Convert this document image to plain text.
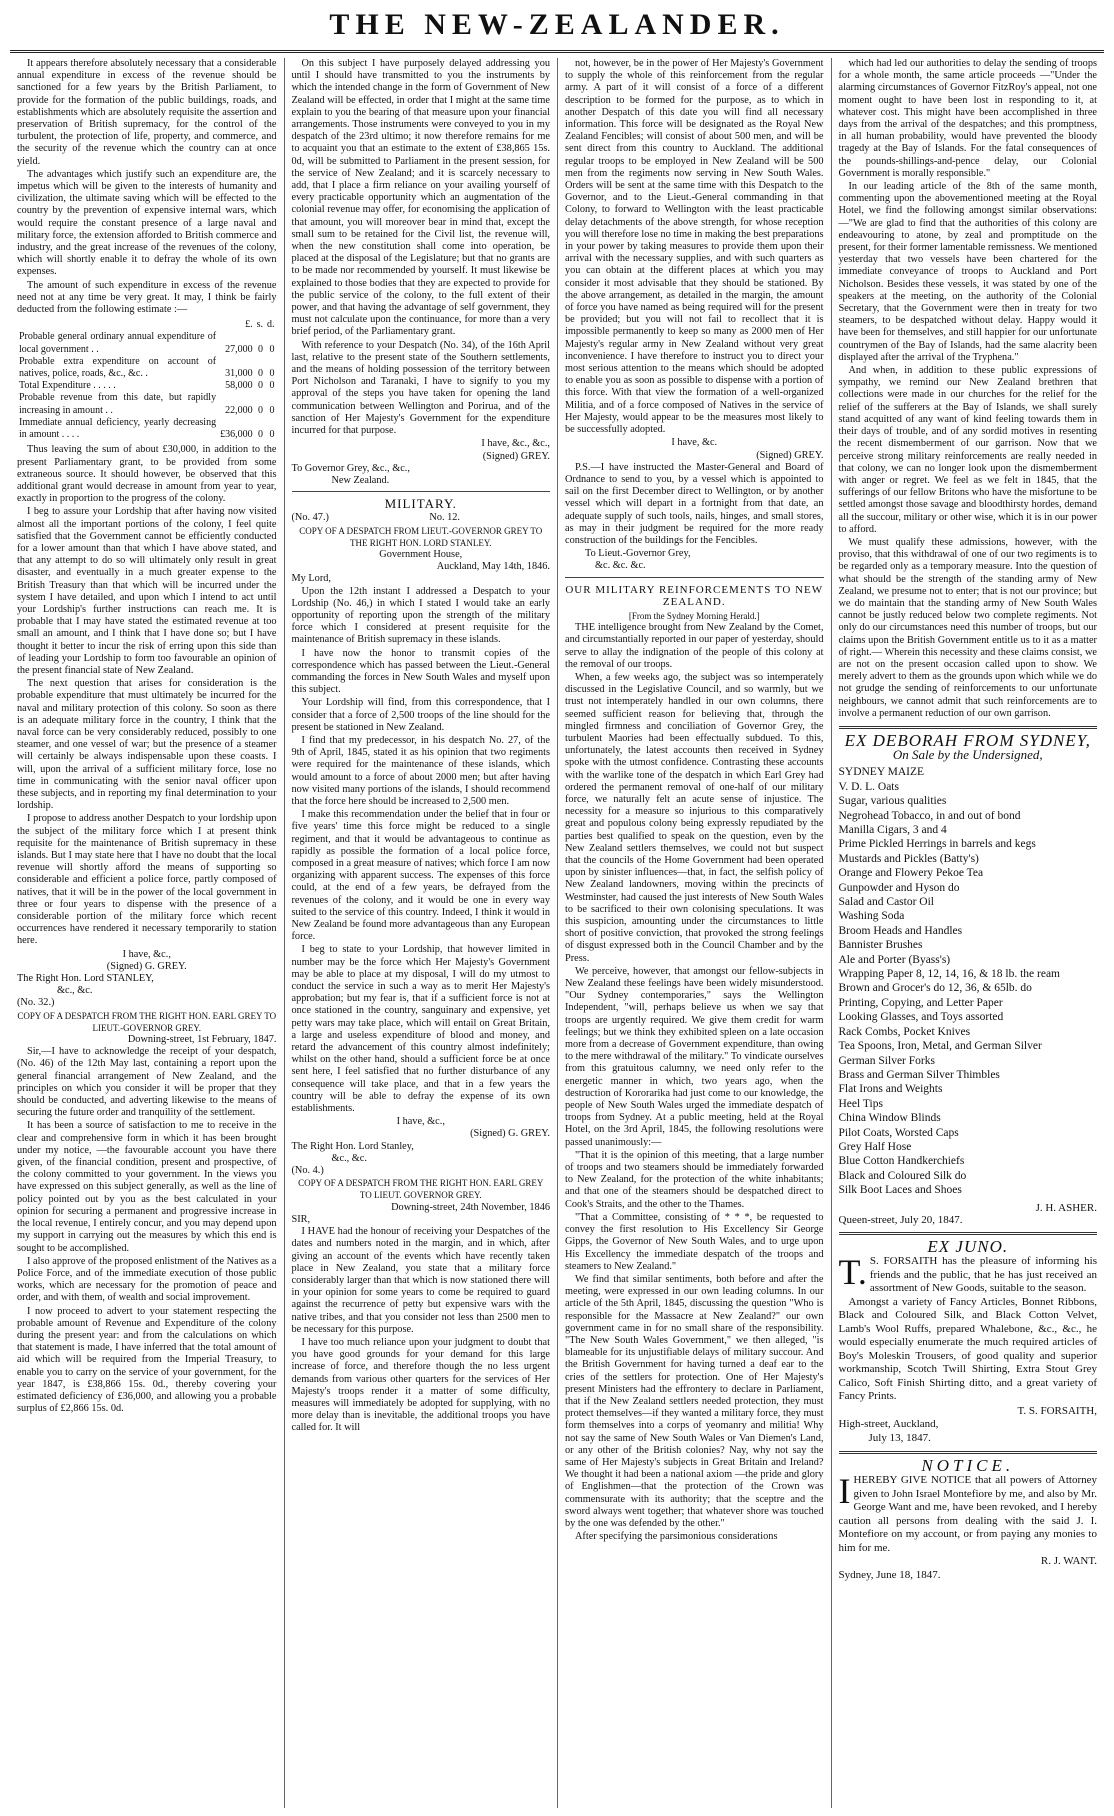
THE NEW-ZEALANDER.

It appears therefore absolutely necessary that a considerable annual expenditure in excess of the revenue should be sanctioned for a few years by the British Parliament, to provide for the formation of the public buildings, roads, and establishments which are absolutely requisite the assertion and preservation of British supremacy, for the control of the turbulent, the protection of life, property, and commerce, and the security of the revenue which the country can at once yield.

The advantages which justify such an expenditure are, the impetus which will be given to the interests of humanity and civilization, the ultimate saving which will be effected to the country by the prevention of expensive internal wars, which would require the constant presence of a large naval and military force, the extension afforded to British commerce and industry, and the great increase of the revenues of the colony, which will shortly enable it to defray the whole of its own expenses.

The amount of such expenditure in excess of the revenue need not at any time be very great. It may, I think be fairly deducted from the following estimate :—

	£.	s.	d.
Probable general ordinary annual expenditure of local government . .	27,000	0	0
Probable extra expenditure on account of natives, police, roads, &c., &c. .	31,000	0	0
Total Expenditure . . . . .	58,000	0	0
Probable revenue from this date, but rapidly increasing in amount . .	22,000	0	0
Immediate annual deficiency, yearly decreasing in amount . . . .	£36,000	0	0

Thus leaving the sum of about £30,000, in addition to the present Parliamentary grant, to be provided from some extraneous source. It should however, be observed that this additional grant would decrease in amount from year to year, exactly in proportion to the progress of the colony.

I beg to assure your Lordship that after having now visited almost all the important portions of the colony, I feel quite satisfied that the Government cannot be efficiently conducted for a lower amount than that which I have above stated, and that any attempt to do so will ultimately only result in great disaster, and eventually in a much greater expense to the British Treasury than that which will be incurred under the system I have detailed, and upon which I intend to act until your Lordship's further instructions can reach me. It is probable that I may have stated the estimated revenue at too small an amount, and I think that I have done so; but I have thought it better to incur the risk of erring upon this side than of leading your Lordship to form too favourable an opinion of the present financial state of New Zealand.

The next question that arises for consideration is the probable expenditure that must ultimately be incurred for the naval and military protection of this colony. So soon as there is an adequate military force in the country, I think that the naval force can be very considerably reduced, possibly to one steamer, and one vessel of war; but the presence of a steamer will certainly be always indispensable upon these coasts. I will, upon the arrival of a sufficient military force, lose no time in communicating with the senior naval officer upon these subjects, and in reporting my final determination to your lordship.

I propose to address another Despatch to your lordship upon the subject of the military force which I at present think requisite for the maintenance of British supremacy in these islands. But I may state here that I have no doubt that the local revenue will shortly afford the means of supporting so considerable and efficient a police force, partly composed of natives, that it will be in the power of the local government in three or four years to dispense with the presence of a considerable portion of the military force which recent occurrences have rendered it necessary temporarily to station here.

I have, &c.,
(Signed) G. GREY.
The Right Hon. Lord STANLEY,
&c., &c.
(No. 32.)
COPY OF A DESPATCH FROM THE RIGHT HON. EARL GREY TO LIEUT.-GOVERNOR GREY.
Downing-street, 1st February, 1847.

Sir,—I have to acknowledge the receipt of your despatch, (No. 46) of the 12th May last, containing a report upon the general financial arrangement of New Zealand, and the principles on which you consider it will be proper that they should be conducted, and adverting likewise to the means of securing the future order and tranquility of the settlement.

It has been a source of satisfaction to me to receive in the clear and comprehensive form in which it has been brought under my notice, —the favourable account you have there given, of the financial condition, present and prospective, of the colony committed to your government. In the views you have expressed on this subject generally, as well as the line of policy pointed out by you as the best calculated in your opinion for securing a permanent and progressive increase in the local revenue, I entirely concur, and you may depend upon my support in carrying out the measures by which this end is sought to be accomplished.

I also approve of the proposed enlistment of the Natives as a Police Force, and of the immediate execution of those public works, which are necessary for the promotion of peace and order, and with them, of wealth and social improvement.

I now proceed to advert to your statement respecting the probable amount of Revenue and Expenditure of the colony during the present year: and from the calculations on which that statement is made, I have inferred that the total amount of aid which will be required from the Imperial Treasury, to enable you to carry on the service of your government, for the year 1847, is £38,866 15s. 0d., thereby covering your estimated deficiency of £36,000, and allowing you a probable surplus of £2,866 15s. 0d.

On this subject I have purposely delayed addressing you until I should have transmitted to you the instruments by which the intended change in the form of Government of New Zealand will be effected, in order that I might at the same time explain to you the bearing of that measure upon your financial arrangements. Those instruments were conveyed to you in my despatch of the 23rd ultimo; it now therefore remains for me to acquaint you that an estimate to the extent of £38,865 15s. 0d, will be submitted to Parliament in the present session, for the service of New Zealand; and it is scarcely necessary to add, that I place a firm reliance on your availing yourself of every practicable opportunity which an augmentation of the colonial revenue may offer, for economising the application of that amount, you will moreover bear in mind that, except the small sum to be retained for the Civil list, the revenue will, when the new constitution shall come into operation, be placed at the disposal of the Legislature; but that no grants are to be made nor recommended by yourself. It must likewise be explained to those bodies that they are expected to provide for the public service of the colony, to the full extent of their power, and that having the advantage of self government, they must not calculate upon the continuance, for more than a very brief period, of the Parliamentary grant.

With reference to your Despatch (No. 34), of the 16th April last, relative to the present state of the Southern settlements, and the means of holding possession of the territory between Port Nicholson and Taranaki, I have to signify to you my approval of the steps you have taken for opening the land communication between Wellington and Porirua, and of the sanction of Her Majesty's Government for the expenditure incurred for that purpose.

I have, &c., &c.,
(Signed) GREY.
To Governor Grey, &c., &c.,
New Zealand.
MILITARY.
(No. 47.)	No. 12.
COPY OF A DESPATCH FROM LIEUT.-GOVERNOR GREY TO THE RIGHT HON. LORD STANLEY.
Government House,
Auckland, May 14th, 1846.
My Lord,

Upon the 12th instant I addressed a Despatch to your Lordship (No. 46,) in which I stated I would take an early opportunity of reporting upon the strength of the military force which I considered at present requisite for the maintenance of British supremacy in these islands.

I have now the honor to transmit copies of the correspondence which has passed between the Lieut.-General commanding the forces in New South Wales and myself upon this subject.

Your Lordship will find, from this correspondence, that I consider that a force of 2,500 troops of the line should for the present be stationed in New Zealand.

I find that my predecessor, in his despatch No. 27, of the 9th of April, 1845, stated it as his opinion that two regiments were required for the maintenance of these islands, which would amount to a force of about 2000 men; but after having now visited many portions of the islands, I should recommend that the force here should be increased to 2,500 men.

I make this recommendation under the belief that in four or five years' time this force might be reduced to a single regiment, and that it would be advantageous to continue as rapidly as possible the formation of a local police force, composed in a great measure of natives; which force I am now organizing with apparent success. The expenses of this force could, at the end of a few years, be defrayed from the revenues of the colony, and it would be one in every way suited to the service of this country. Indeed, I think it would in New Zealand be found more advantageous than any European force.

I beg to state to your Lordship, that however limited in number may be the force which Her Majesty's Government may be able to place at my disposal, I will do my utmost to conduct the service in such a way as to merit Her Majesty's approbation; but my fear is, that if a sufficient force is not at once stationed in the country, sanguinary and expensive, yet petty wars may take place, which will entail on Great Britain, a large and useless expenditure of blood and money, and retard the advancement of this country almost indefinitely; whilst on the other hand, should a sufficient force be at once sent here, I feel satisfied that no further disturbance of any consequence will take place, and that in a few years the country will be able to defray the expense of its own establishments.

I have, &c.,
(Signed) G. GREY.
The Right Hon. Lord Stanley,
&c., &c.
(No. 4.)
COPY OF A DESPATCH FROM THE RIGHT HON. EARL GREY TO LIEUT. GOVERNOR GREY.
Downing-street, 24th November, 1846
SIR,

I HAVE had the honour of receiving your Despatches of the dates and numbers noted in the margin, and in which, after giving an account of the events which have recently taken place in New Zealand, you state that a military force considerably larger than that which is now stationed there will in your opinion for some years to come be required to guard against the recurrence of petty but expensive wars with the native tribes, and that you consider not less than 2500 men to be necessary for this purpose.

I have too much reliance upon your judgment to doubt that you have good grounds for your demand for this large increase of force, and therefore though the no less urgent demands from various other quarters for the services of Her Majesty's troops render it a matter of some difficulty, measures will immediately be adopted for supplying, with no more delay than is inevitable, the additional troops you have called for. It will

not, however, be in the power of Her Majesty's Government to supply the whole of this reinforcement from the regular army. A part of it will consist of a force of a different description to be formed for the purpose, as to which in another Despatch of this date you will find all necessary information. This force will be designated as the Royal New Zealand Fencibles; will consist of about 500 men, and will be sent direct from this country to Auckland. The additional regular troops to be employed in New Zealand will be 500 men from the regiments now serving in New South Wales. Orders will be sent at the same time with this Despatch to the Governor, and to the Lieut.-General commanding in that Colony, to forward to Wellington with the least practicable delay detachments of the above strength, for whose reception you will therefore lose no time in making the best preparations in your power by taking measures to provide them upon their arrival with the necessary supplies, and with such quarters as you can obtain at the different places at which you may consider it most advisable that they should be stationed. By the above arrangement, as detailed in the margin, the amount of force you have named as being required will for the present be provided; but you will not fail to recollect that it is impossible permanently to keep so many as 2000 men of Her Majesty's regular army in New Zealand without very great inconvenience. I have therefore to instruct you to direct your most serious attention to the means which should be adopted to enable you as soon as possible to dispense with a portion of this force. With that view the formation of a well-organized Militia, and of a force composed of Natives in the service of Her Majesty, would appear to be the measures most likely to be successfully adopted.

I have, &c.
(Signed) GREY.

P.S.—I have instructed the Master-General and Board of Ordnance to send to you, by a vessel which is appointed to sail on the first December direct to Wellington, or by another vessel which will depart in a fortnight from that date, an adequate supply of such tools, nails, hinges, and small stores, as may in their judgment be required for the more ready construction of the buildings for the Fencibles.

To Lieut.-Governor Grey,
&c. &c. &c.
OUR MILITARY REINFORCEMENTS TO NEW ZEALAND.
[From the Sydney Morning Herald.]

THE intelligence brought from New Zealand by the Comet, and circumstantially reported in our paper of yesterday, should serve to allay the indignation of the people of this colony at the removal of our troops.

When, a few weeks ago, the subject was so intemperately discussed in the Legislative Council, and so warmly, but we trust not intemperately handled in our own columns, there seemed sufficient reason for believing that, through the mingled firmness and conciliation of Governor Grey, the turbulent Maories had been effectually subdued. To this, unfortunately, the latest accounts then received in Sydney spoke with the utmost confidence. Contrasting these accounts with the warlike tone of the despatch in which Earl Grey had ordered the permanent removal of one-half of our military force, we naturally felt an acute sense of injustice. The necessity for a measure so injurious to this comparatively great and populous colony being expressly repudiated by the parties best qualified to speak on the question, even by the New Zealand settlers themselves, we could not but suspect that the councils of the Home Government had been operated upon by sinister influences—that, in fact, the selfish policy of New Zealand landowners, moving within the precincts of Westminster, had caused the just interests of New South Wales to be sacrificed to their own colonising speculations. It was this suspicion, amounting under the circumstances to little short of positive conviction, that provoked the strong feelings of disgust expressed both in the Council Chamber and by the Press.

We perceive, however, that amongst our fellow-subjects in New Zealand these feelings have been widely misunderstood. "Our Sydney contemporaries," says the Wellington Independent, "will, perhaps believe us when we say that troops are urgently required. We give them credit for warm feelings; but we think they exhibited spleen on a late occasion more from a decrease of Government expenditure, than owing to the mere withdrawal of the military." To vindicate ourselves from this gratuitous calumny, we need only refer to the energetic manner in which, two years ago, when the destruction of Kororarika had just come to our knowledge, the people of New South Wales urged the immediate despatch of troops from Sydney. At a public meeting, held at the Royal Hotel, on the 3rd April, 1845, the following resolutions were passed unanimously:—

"That it is the opinion of this meeting, that a large number of troops and two steamers should be immediately forwarded to New Zealand, for the protection of the white inhabitants; and that one of the steamers should be despatched direct to Cook's Straits, and the other to the Thames.

"That a Committee, consisting of * * *, be requested to convey the first resolution to His Excellency Sir George Gipps, the Governor of New South Wales, and to urge upon His Excellency the immediate despatch of the troops and steamers to New Zealand."

We find that similar sentiments, both before and after the meeting, were expressed in our own leading columns. In our article of the 5th April, 1845, discussing the question "Who is responsible for the Massacre at New Zealand?" our own government came in for no small share of the responsibility. "The New South Wales Government," we then alleged, "is blameable for its unjustifiable delays of military succour. And the British Government for having turned a deaf ear to the cries of the settlers for protection. One of Her Majesty's present Ministers had the effrontery to declare in Parliament, that if the New Zealand settlers needed protection, they must protect themselves—if they wanted a military force, they must form themselves into a corps of yeomanry and militia! Why not say the same of New South Wales or Van Diemen's Land, or any other of the British colonies? Nay, why not say the same of Her Majesty's subjects in Great Britain and Ireland? We thought it had been a national axiom —the pride and glory of Englishmen—that the protection of the Crown was commensurate with its authority; that the sceptre and the sword always went together; that whatever shore was touched by the one was defended by the other."

After specifying the parsimonious considerations

which had led our authorities to delay the sending of troops for a whole month, the same article proceeds —"Under the alarming circumstances of Governor FitzRoy's appeal, not one moment ought to have been lost in responding to it, at whatever cost. This might have been accomplished in three days from the arrival of the despatches; and this promptness, in all human probability, would have prevented the bloody tragedy at the Bay of Islands. For the fatal consequences of the pounds-shillings-and-pence delay, our Colonial Government is morally responsible."

In our leading article of the 8th of the same month, commenting upon the abovementioned meeting at the Royal Hotel, we find the following amongst similar observations:—"We are glad to find that the authorities of this colony are endeavouring to atone, by zeal and promptitude on the present, for their former lamentable remissness. We mentioned yesterday that two vessels have been chartered for the immediate conveyance of troops to Auckland and Port Nicholson. Besides these vessels, it was stated by one of the speakers at the meeting, on the authority of the Colonial Secretary, that the Government were then in treaty for two steamers, to be despatched without delay. Happy would it have been for themselves, and still happier for our unfortunate countrymen of the Bay of Islands, had the same alacrity been displayed after the arrival of the Tryphena."

And when, in addition to these public expressions of sympathy, we remind our New Zealand brethren that collections were made in our churches for the relief for the relief of the sufferers at the Bay of Islands, we shall surely stand acquitted of any want of kind feeling towards them in their days of trouble, and of any sordid motives in resenting the recent dismemberment of our garrison. Now that we perceive strong military reinforcements are really needed in that colony, we can no longer look upon the dismemberment with anger or regret. We feel as we felt in 1845, that the sufferings of our fellow Britons who have the misfortune to be settled amongst those savage and bloodthirsty hordes, demand all the succour, military or other wise, which it is in our power to afford.

We must qualify these admissions, however, with the proviso, that this withdrawal of one of our two regiments is to be regarded only as a temporary measure. Into the question of what should be the strength of the standing army of New Zealand, we presume not to enter; that is not our province; but we do maintain that the standing army of New South Wales cannot be justly reduced below two complete regiments. Not only do our circumstances need this number of troops, but our claims upon the British Government entitle us to it as a matter of right.— Wherein this necessity and these claims consist, we are not on the present occasion called upon to show. We merely advert to them as the grounds upon which while we do not grudge the sending of reinforcements to our unfortunate neighbours, we cannot admit that such reinforcements are to involve a permanent reduction of our own garrison.

EX DEBORAH FROM SYDNEY,
On Sale by the Undersigned,
SYDNEY MAIZE
V. D. L. Oats
Sugar, various qualities
Negrohead Tobacco, in and out of bond
Manilla Cigars, 3 and 4
Prime Pickled Herrings in barrels and kegs
Mustards and Pickles (Batty's)
Orange and Flowery Pekoe Tea
Gunpowder and Hyson do
Salad and Castor Oil
Washing Soda
Broom Heads and Handles
Bannister Brushes
Ale and Porter (Byass's)
Wrapping Paper 8, 12, 14, 16, & 18 lb. the ream
Brown and Grocer's do 12, 36, & 65lb. do
Printing, Copying, and Letter Paper
Looking Glasses, and Toys assorted
Rack Combs, Pocket Knives
Tea Spoons, Iron, Metal, and German Silver
German Silver Forks
Brass and German Silver Thimbles
Flat Irons and Weights
Heel Tips
China Window Blinds
Pilot Coats, Worsted Caps
Grey Half Hose
Blue Cotton Handkerchiefs
Black and Coloured Silk do
Silk Boot Laces and Shoes
J. H. ASHER.
Queen-street, July 20, 1847.
EX JUNO.
T. S. FORSAITH has the pleasure of informing his friends and the public, that he has just received an assortment of New Goods, suitable to the season.

Amongst a variety of Fancy Articles, Bonnet Ribbons, Black and Coloured Silk, and Black Cotton Velvet, Lamb's Wool Ruffs, prepared Whalebone, &c., &c., he would especially enumerate the much required articles of Boy's Moleskin Trousers, of good quality and superior workmanship, Scotch Twill Shirting, Extra Stout Grey Calico, Soft Finish Shirting ditto, and a great variety of Fancy Prints.

T. S. FORSAITH,
High-street, Auckland,
July 13, 1847.
NOTICE.
IHEREBY GIVE NOTICE that all powers of Attorney given to John Israel Montefiore by me, and also by Mr. George Want and me, have been revoked, and I hereby caution all persons from dealing with the said J. I. Montefiore on my account, or from paying any monies to him for me.
R. J. WANT.
Sydney, June 18, 1847.
